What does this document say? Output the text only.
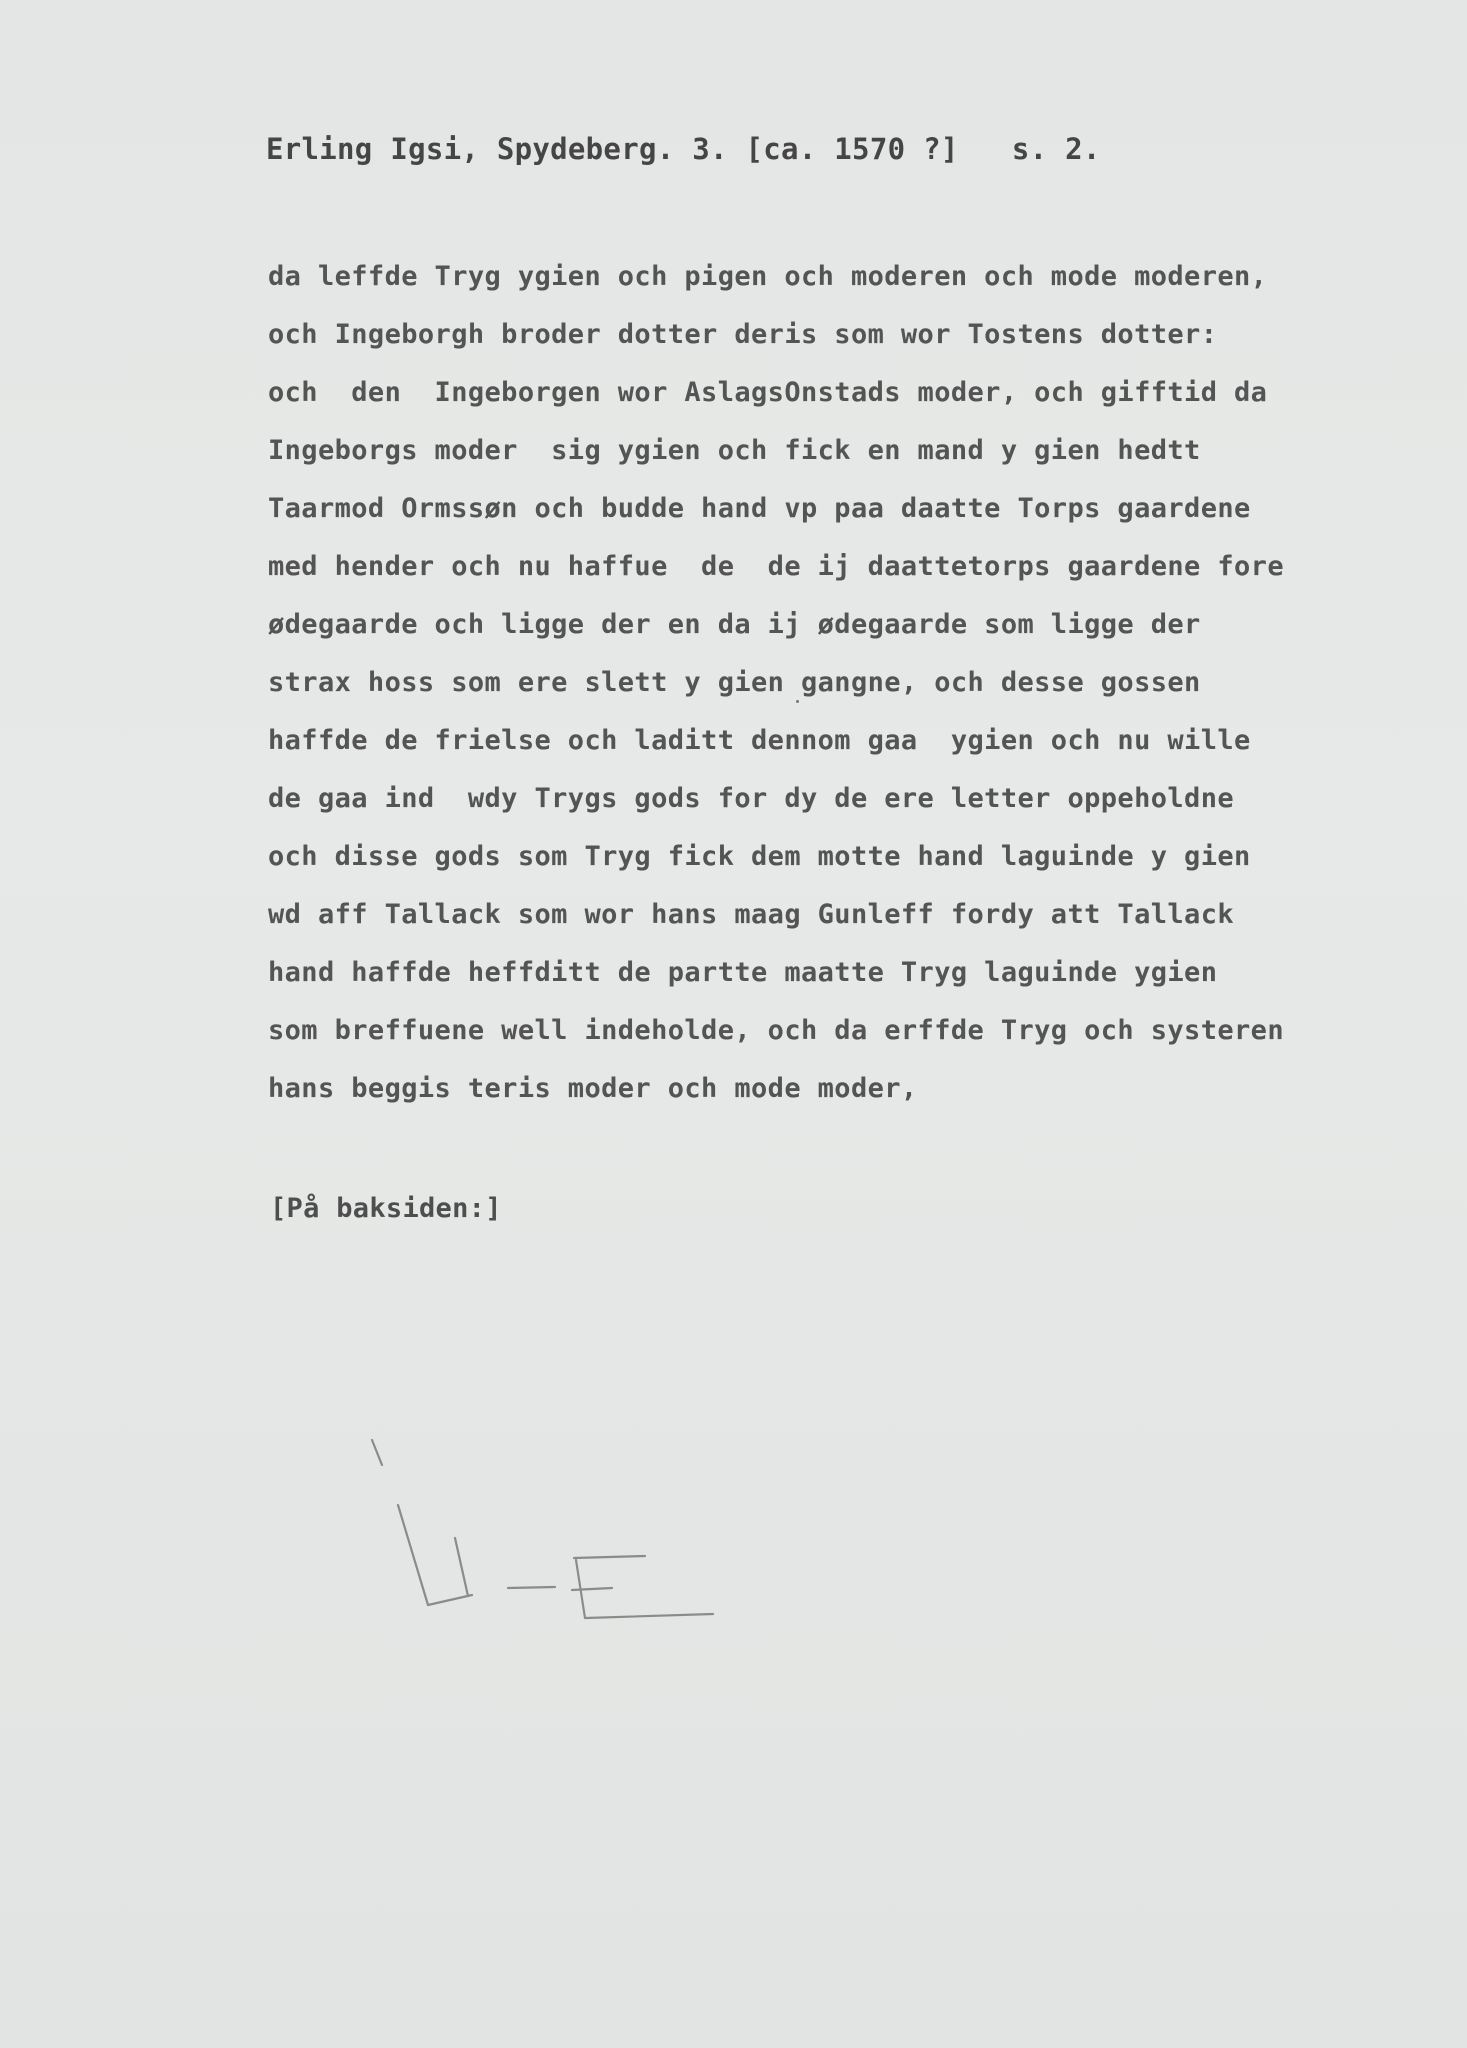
Erling Igsi, Spydeberg. 3. [ca. 1570 ?]   s. 2.
da leffde Tryg ygien och pigen och moderen och mode moderen,
och Ingeborgh broder dotter deris som wor Tostens dotter:
och  den  Ingeborgen wor AslagsOnstads moder, och gifftid da
Ingeborgs moder  sig ygien och fick en mand y gien hedtt
Taarmod Ormssøn och budde hand vp paa daatte Torps gaardene
med hender och nu haffue  de  de ij daattetorps gaardene fore
ødegaarde och ligge der en da ij ødegaarde som ligge der
strax hoss som ere slett y gien gangne, och desse gossen
haffde de frielse och laditt dennom gaa  ygien och nu wille
de gaa ind  wdy Trygs gods for dy de ere letter oppeholdne
och disse gods som Tryg fick dem motte hand laguinde y gien
wd aff Tallack som wor hans maag Gunleff fordy att Tallack
hand haffde heffditt de partte maatte Tryg laguinde ygien
som breffuene well indeholde, och da erffde Tryg och systeren
hans beggis teris moder och mode moder,
[På baksiden:]
